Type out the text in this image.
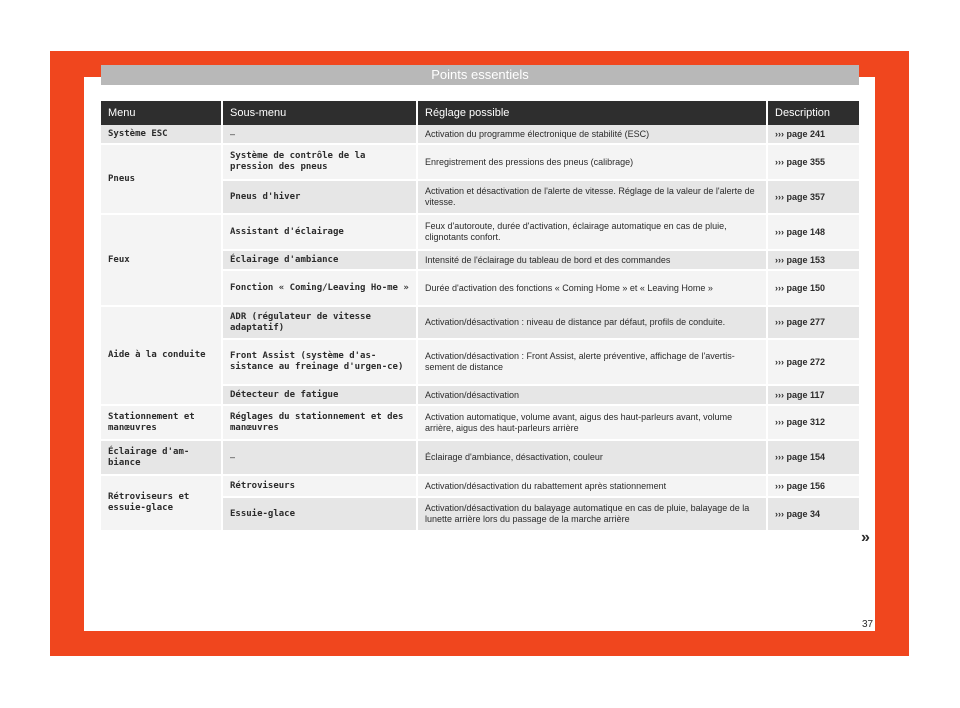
Points essentiels
Menu	Sous-menu	Réglage possible	Description
Système ESC	–	Activation du programme électronique de stabilité (ESC)	››› page 241
Pneus	Système de contrôle de la pression des pneus	Enregistrement des pressions des pneus (calibrage)	››› page 355
	Pneus d'hiver	Activation et désactivation de l'alerte de vitesse. Réglage de la valeur de l'alerte de vitesse.	››› page 357
Feux	Assistant d'éclairage	Feux d'autoroute, durée d'activation, éclairage automatique en cas de pluie, clignotants confort.	››› page 148
	Éclairage d'ambiance	Intensité de l'éclairage du tableau de bord et des commandes	››› page 153
	Fonction « Coming/Leaving Ho-me »	Durée d'activation des fonctions « Coming Home » et « Leaving Home »	››› page 150
Aide à la conduite	ADR (régulateur de vitesse adaptatif)	Activation/désactivation : niveau de distance par défaut, profils de conduite.	››› page 277
	Front Assist (système d'as-sistance au freinage d'urgen-ce)	Activation/désactivation : Front Assist, alerte préventive, affichage de l'avertis-sement de distance	››› page 272
	Détecteur de fatigue	Activation/désactivation	››› page 117
Stationnement et manœuvres	Réglages du stationnement et des manœuvres	Activation automatique, volume avant, aigus des haut-parleurs avant, volume arrière, aigus des haut-parleurs arrière	››› page 312
Éclairage d'am-biance	–	Éclairage d'ambiance, désactivation, couleur	››› page 154
Rétroviseurs et essuie-glace	Rétroviseurs	Activation/désactivation du rabattement après stationnement	››› page 156
	Essuie-glace	Activation/désactivation du balayage automatique en cas de pluie, balayage de la lunette arrière lors du passage de la marche arrière	››› page 34
»
37
